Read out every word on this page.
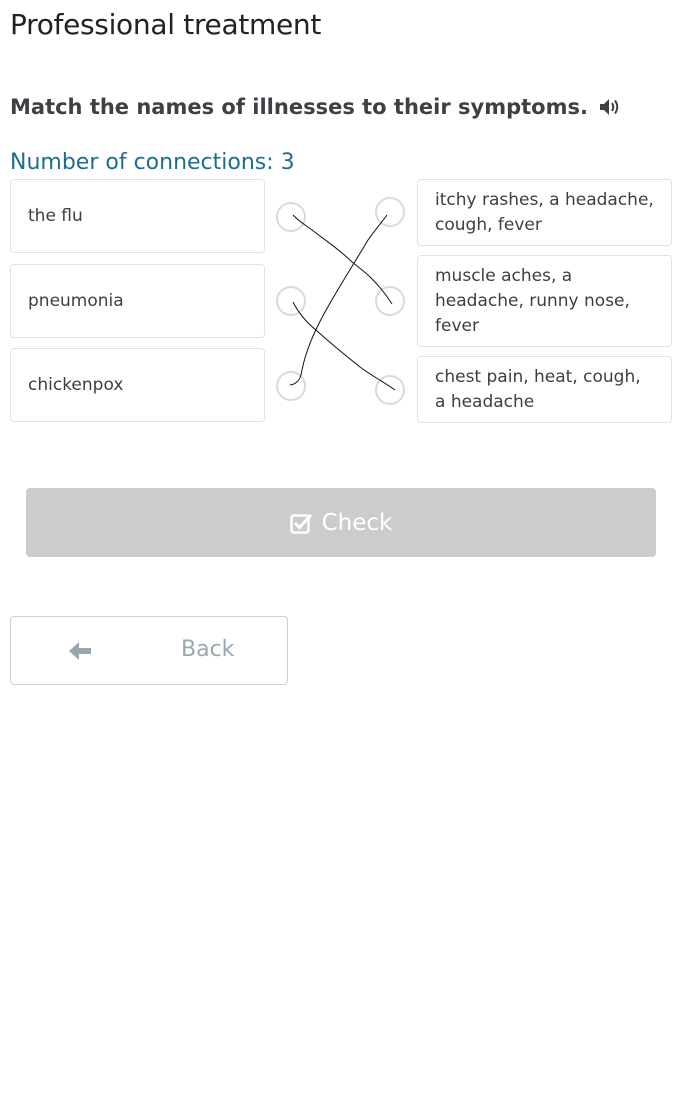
Professional treatment
Match the names of illnesses to their symptoms.
Number of connections: 3
the flu
pneumonia
chickenpox
itchy rashes, a headache, cough, fever
muscle aches, a headache, runny nose, fever
chest pain, heat, cough, a headache
Check
Back
